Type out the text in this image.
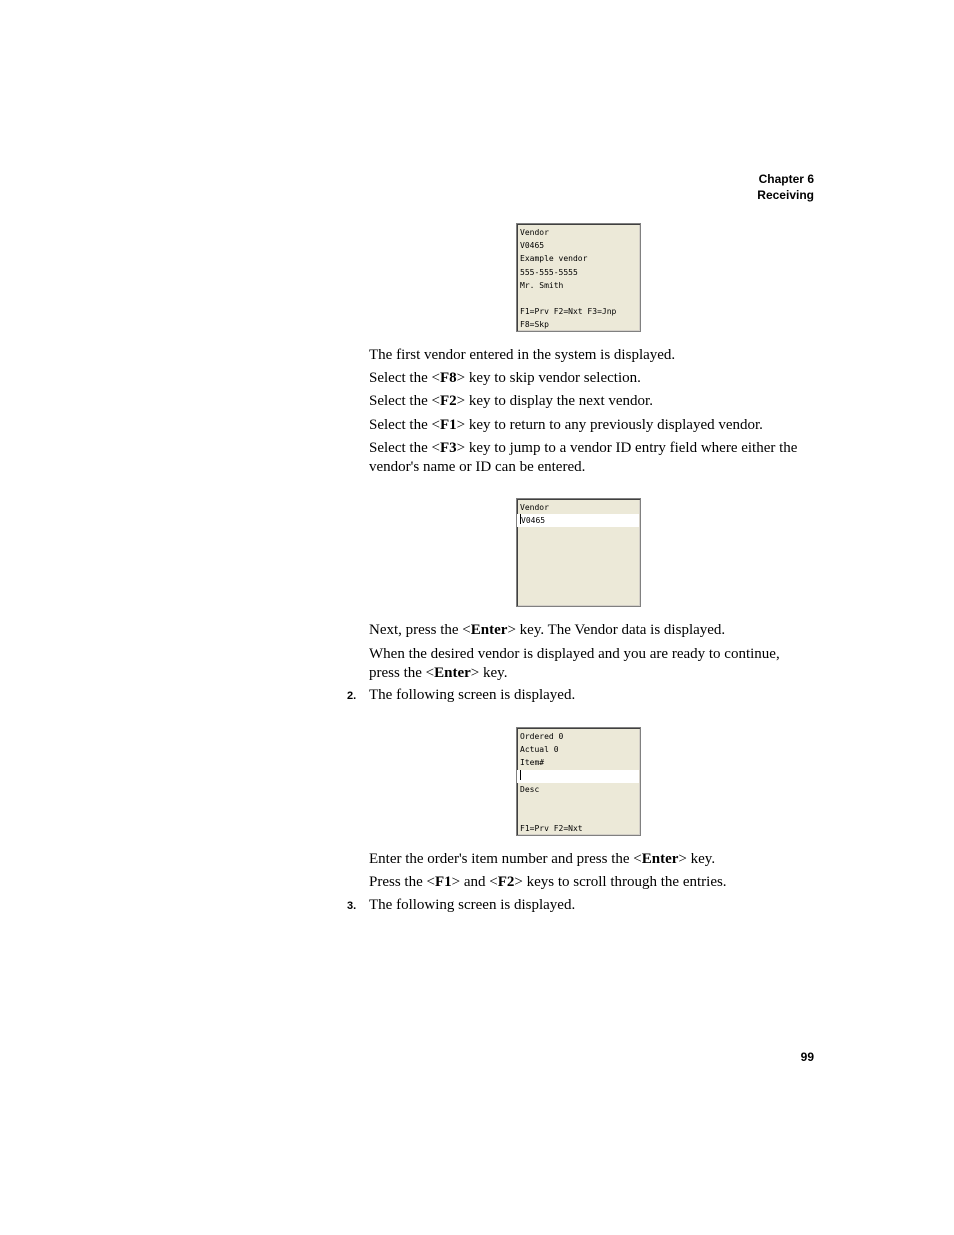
Chapter 6
Receiving
Vendor
V0465
Example vendor
555-555-5555
Mr. Smith
F1=Prv F2=Nxt F3=Jnp
F8=Skp
The first vendor entered in the system is displayed.
Select the <F8> key to skip vendor selection.
Select the <F2> key to display the next vendor.
Select the <F1> key to return to any previously displayed vendor.
Select the <F3> key to jump to a vendor ID entry field where either the vendor's name or ID can be entered.
Vendor
V0465
Next, press the <Enter> key. The Vendor data is displayed.
When the desired vendor is displayed and you are ready to continue, press the <Enter> key.
2. The following screen is displayed.
Ordered 0
Actual 0
Item#
Desc
F1=Prv F2=Nxt
Enter the order's item number and press the <Enter> key.
Press the <F1> and <F2> keys to scroll through the entries.
3. The following screen is displayed.
99
